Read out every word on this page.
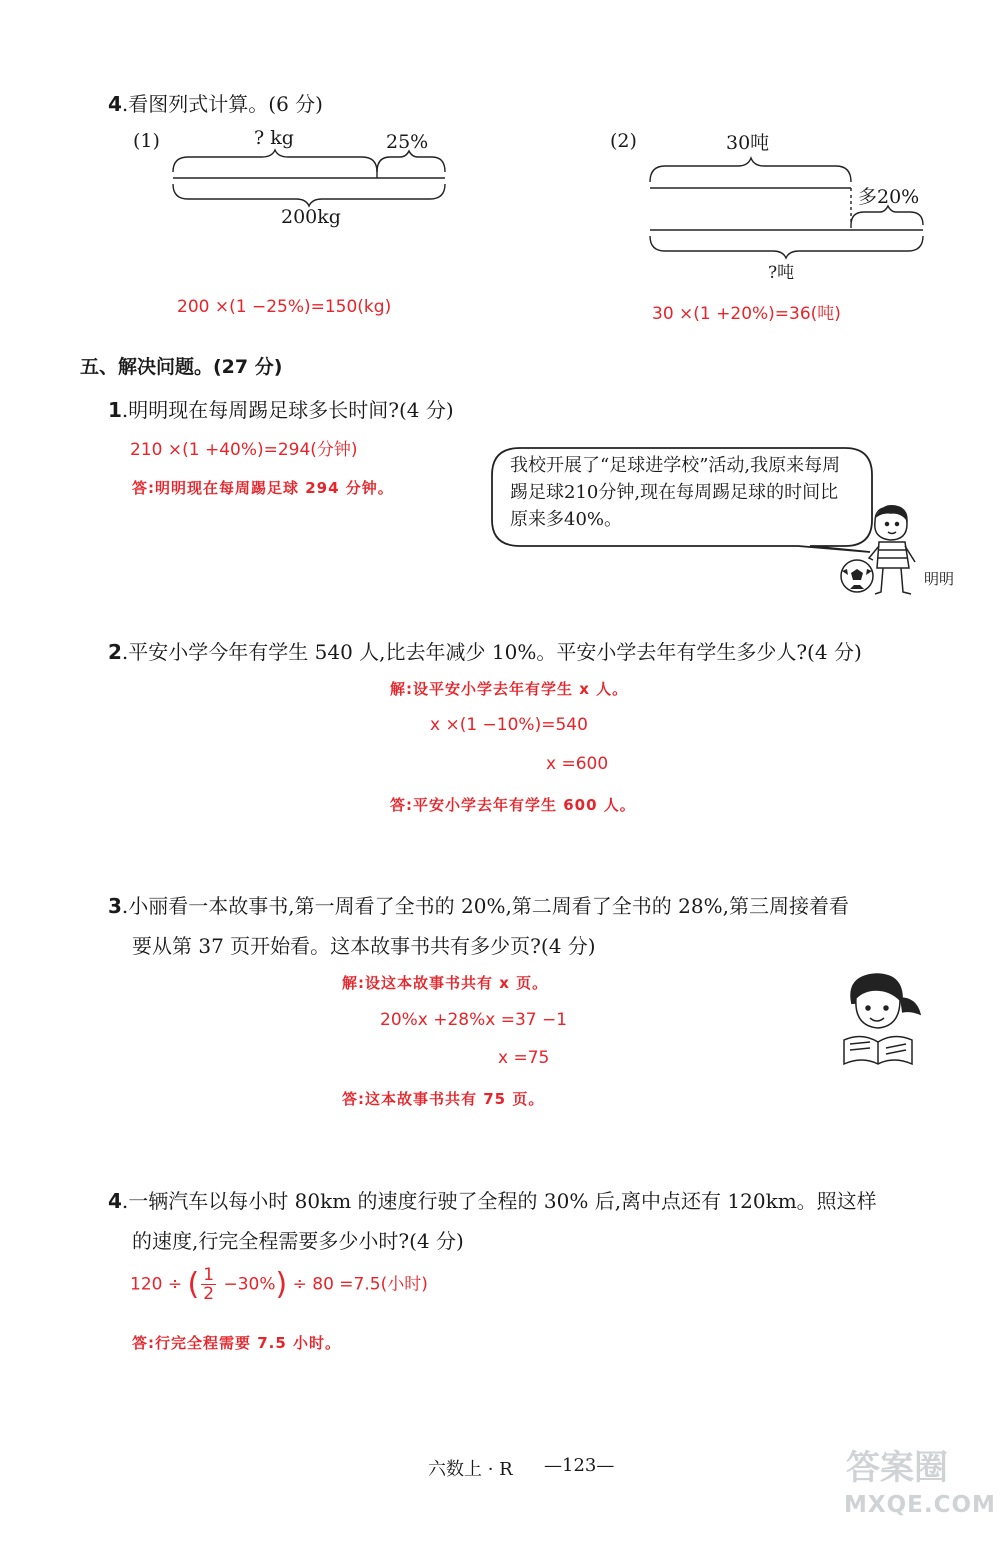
4.看图列式计算。(6 分)
(1)	? kg	25%
200kg
200 ×(1 −25%)=150(kg)
(2)	30吨
多20%
?吨
30 ×(1 +20%)=36(吨)
五、解决问题。(27 分)
1.明明现在每周踢足球多长时间?(4 分)
210 ×(1 +40%)=294(分钟)
答:明明现在每周踢足球 294 分钟。
我校开展了“足球进学校”活动,我原来每周踢足球210分钟,现在每周踢足球的时间比原来多40%。
明明
2.平安小学今年有学生 540 人,比去年减少 10%。平安小学去年有学生多少人?(4 分)
解:设平安小学去年有学生 x 人。
x ×(1 −10%)=540
x =600
答:平安小学去年有学生 600 人。
3.小丽看一本故事书,第一周看了全书的 20%,第二周看了全书的 28%,第三周接着看
要从第 37 页开始看。这本故事书共有多少页?(4 分)
解:设这本故事书共有 x 页。
20%x +28%x =37 −1
x =75
答:这本故事书共有 75 页。
4.一辆汽车以每小时 80km 的速度行驶了全程的 30% 后,离中点还有 120km。照这样
的速度,行完全程需要多少小时?(4 分)
120 ÷ ( $\frac{1}{2} -30\%) \div 80 =7.5$(小时)
答:行完全程需要 7.5 小时。
六数上 · R —123—	答案圈
MXQE.COM
